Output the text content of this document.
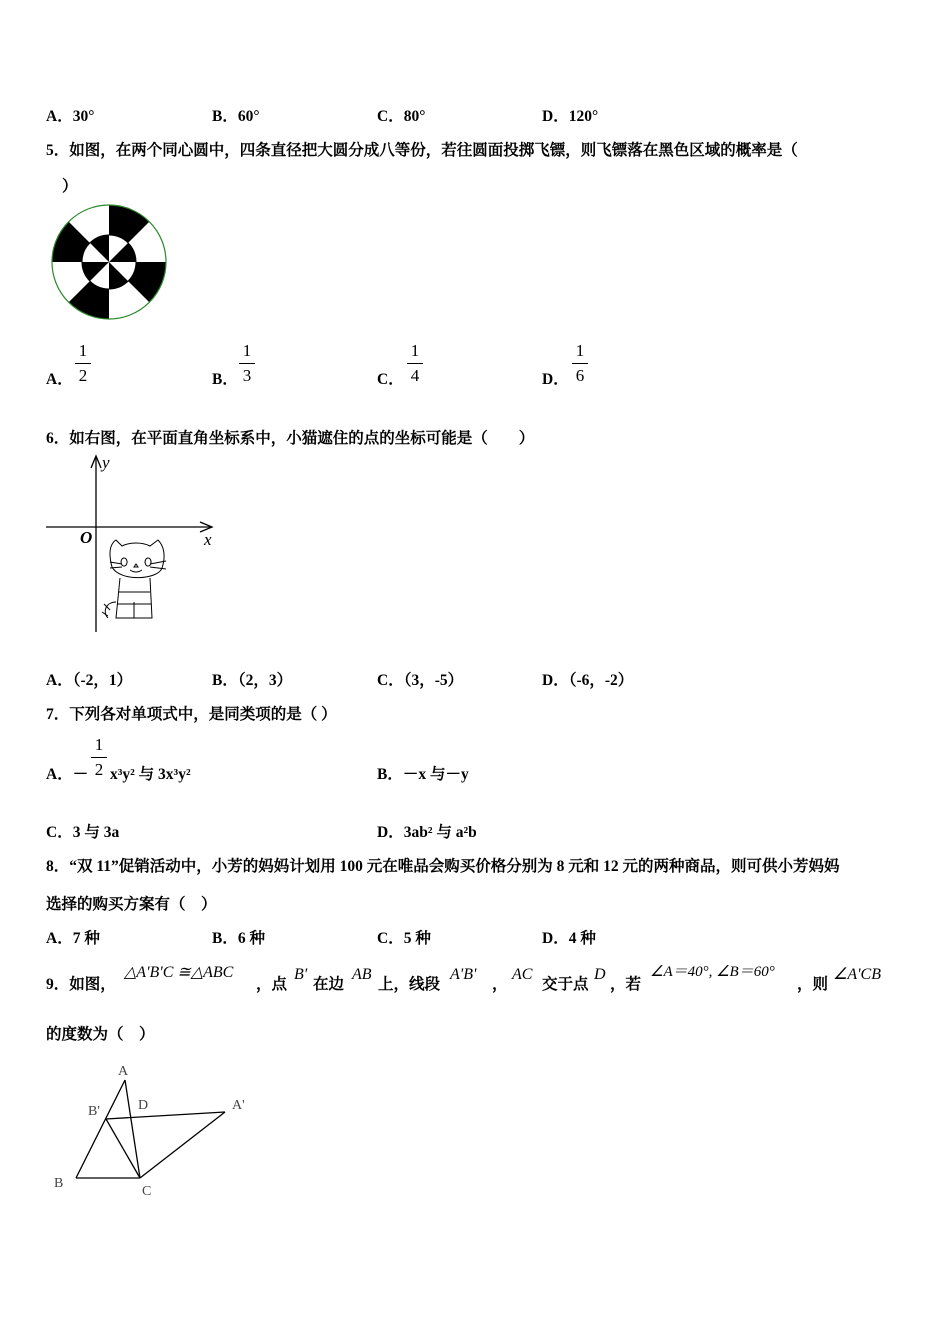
A．30°	B．60°	C．80°	D．120°
5．如图，在两个同心圆中，四条直径把大圆分成八等份，若往圆面投掷飞镖，则飞镖落在黑色区域的概率是（
）
A．
1
2	B．
1
3	C．
1
4	D．
1
6
6．如右图，在平面直角坐标系中，小猫遮住的点的坐标可能是（　　）
y
x
O
A．（-2，1）	B．（2，3）	C．（3，-5）	D．（-6，-2）
7．下列各对单项式中，是同类项的是（ ）
A．－
1
2 x³y² 与 3x³y²	B．－x 与－y
C．3 与 3a	D．3ab² 与 a²b
8．“双 11”促销活动中，小芳的妈妈计划用 100 元在唯品会购买价格分别为 8 元和 12 元的两种商品，则可供小芳妈妈
选择的购买方案有（　）
A．7 种	B．6 种	C．5 种	D．4 种
9．如图，
△A'B'C ≅△ABC
，点
B'
在边
AB
上，线段
A'B'
，
AC
交于点
D
，若
∠A＝40°, ∠B＝60°
，则
∠A'CB
的度数为（　）
A
B'	D	A'
B
C
